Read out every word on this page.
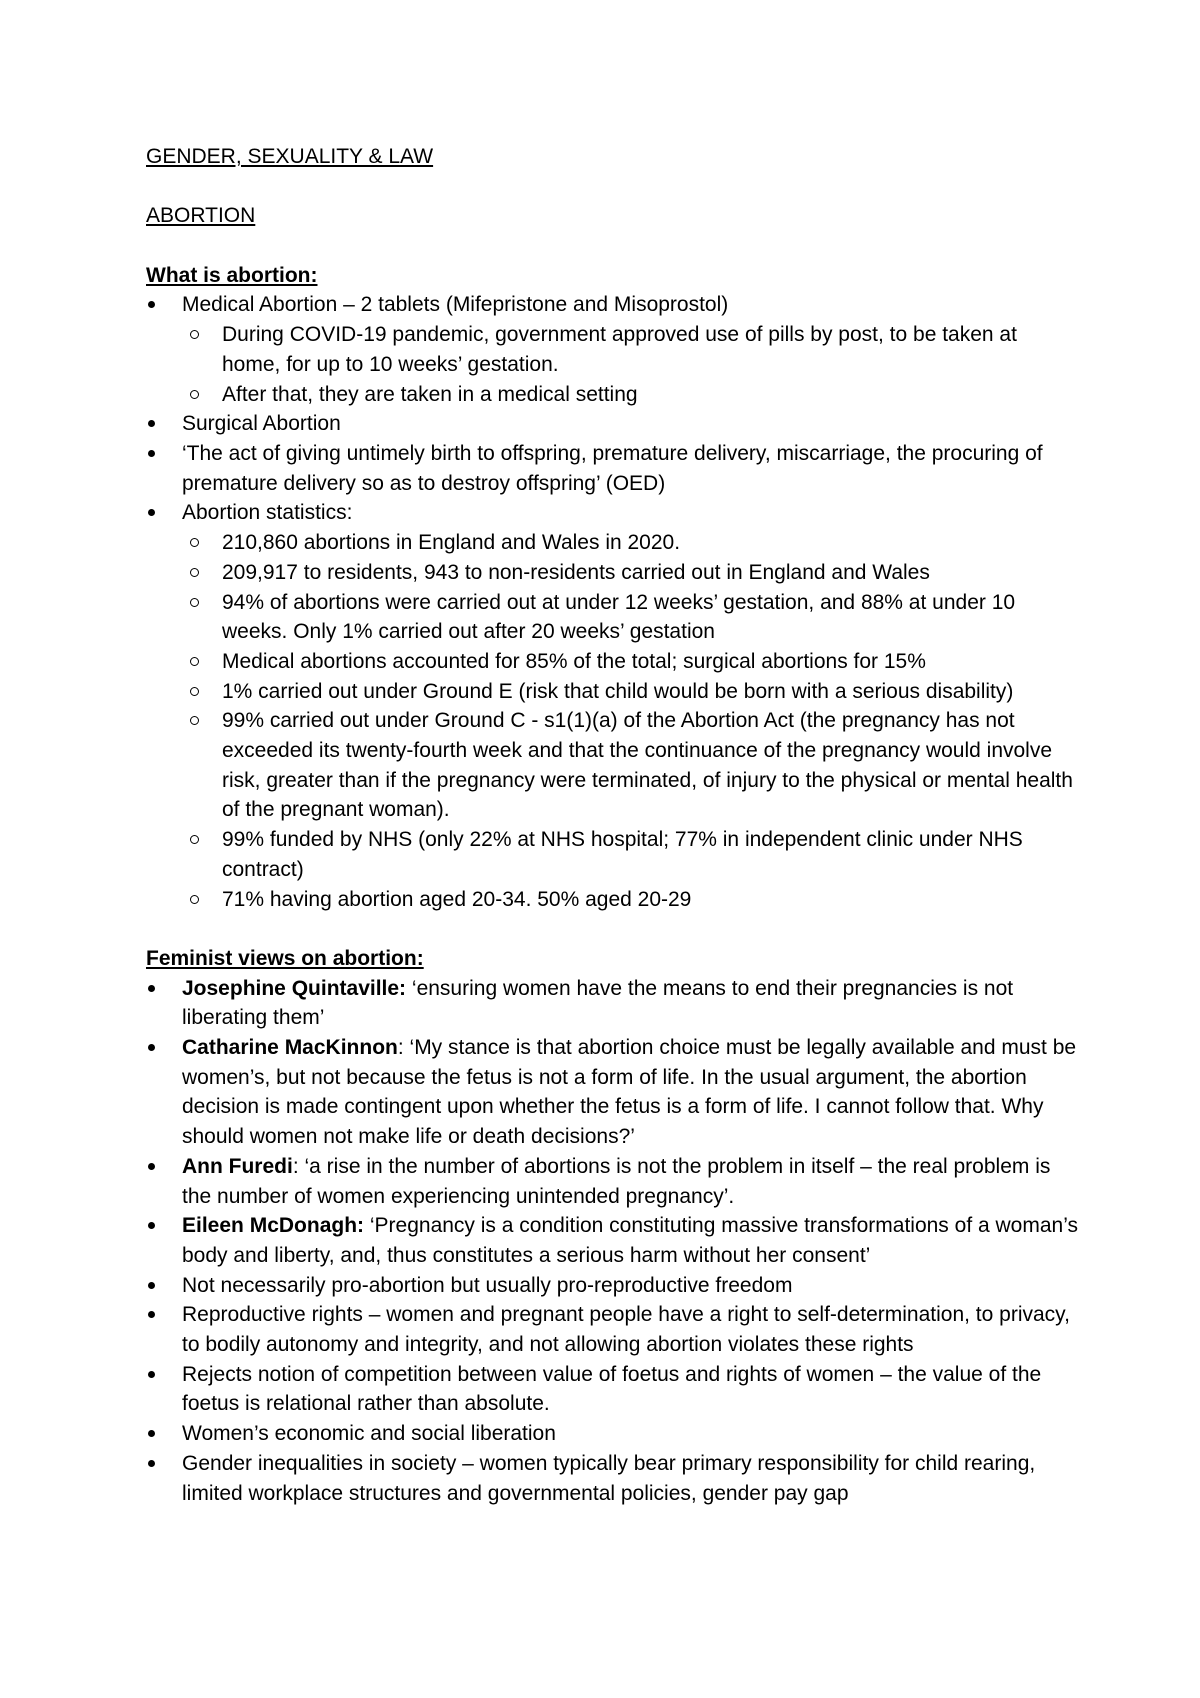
GENDER, SEXUALITY & LAW

ABORTION

What is abortion:

Medical Abortion – 2 tablets (Mifepristone and Misoprostol)
During COVID-19 pandemic, government approved use of pills by post, to be taken at home, for up to 10 weeks’ gestation.
After that, they are taken in a medical setting
Surgical Abortion
‘The act of giving untimely birth to offspring, premature delivery, miscarriage, the procuring of premature delivery so as to destroy offspring’ (OED)
Abortion statistics:
210,860 abortions in England and Wales in 2020.
209,917 to residents, 943 to non-residents carried out in England and Wales
94% of abortions were carried out at under 12 weeks’ gestation, and 88% at under 10 weeks. Only 1% carried out after 20 weeks’ gestation
Medical abortions accounted for 85% of the total; surgical abortions for 15%
1% carried out under Ground E (risk that child would be born with a serious disability)
99% carried out under Ground C - s1(1)(a) of the Abortion Act (the pregnancy has not exceeded its twenty-fourth week and that the continuance of the pregnancy would involve risk, greater than if the pregnancy were terminated, of injury to the physical or mental health of the pregnant woman).
99% funded by NHS (only 22% at NHS hospital; 77% in independent clinic under NHS contract)
71% having abortion aged 20-34. 50% aged 20-29

Feminist views on abortion:

Josephine Quintaville: ‘ensuring women have the means to end their pregnancies is not liberating them’
Catharine MacKinnon: ‘My stance is that abortion choice must be legally available and must be women’s, but not because the fetus is not a form of life. In the usual argument, the abortion decision is made contingent upon whether the fetus is a form of life. I cannot follow that. Why should women not make life or death decisions?’
Ann Furedi: ‘a rise in the number of abortions is not the problem in itself – the real problem is the number of women experiencing unintended pregnancy’.
Eileen McDonagh: ‘Pregnancy is a condition constituting massive transformations of a woman’s body and liberty, and, thus constitutes a serious harm without her consent’
Not necessarily pro-abortion but usually pro-reproductive freedom
Reproductive rights – women and pregnant people have a right to self-determination, to privacy, to bodily autonomy and integrity, and not allowing abortion violates these rights
Rejects notion of competition between value of foetus and rights of women – the value of the foetus is relational rather than absolute.
Women’s economic and social liberation
Gender inequalities in society – women typically bear primary responsibility for child rearing, limited workplace structures and governmental policies, gender pay gap
